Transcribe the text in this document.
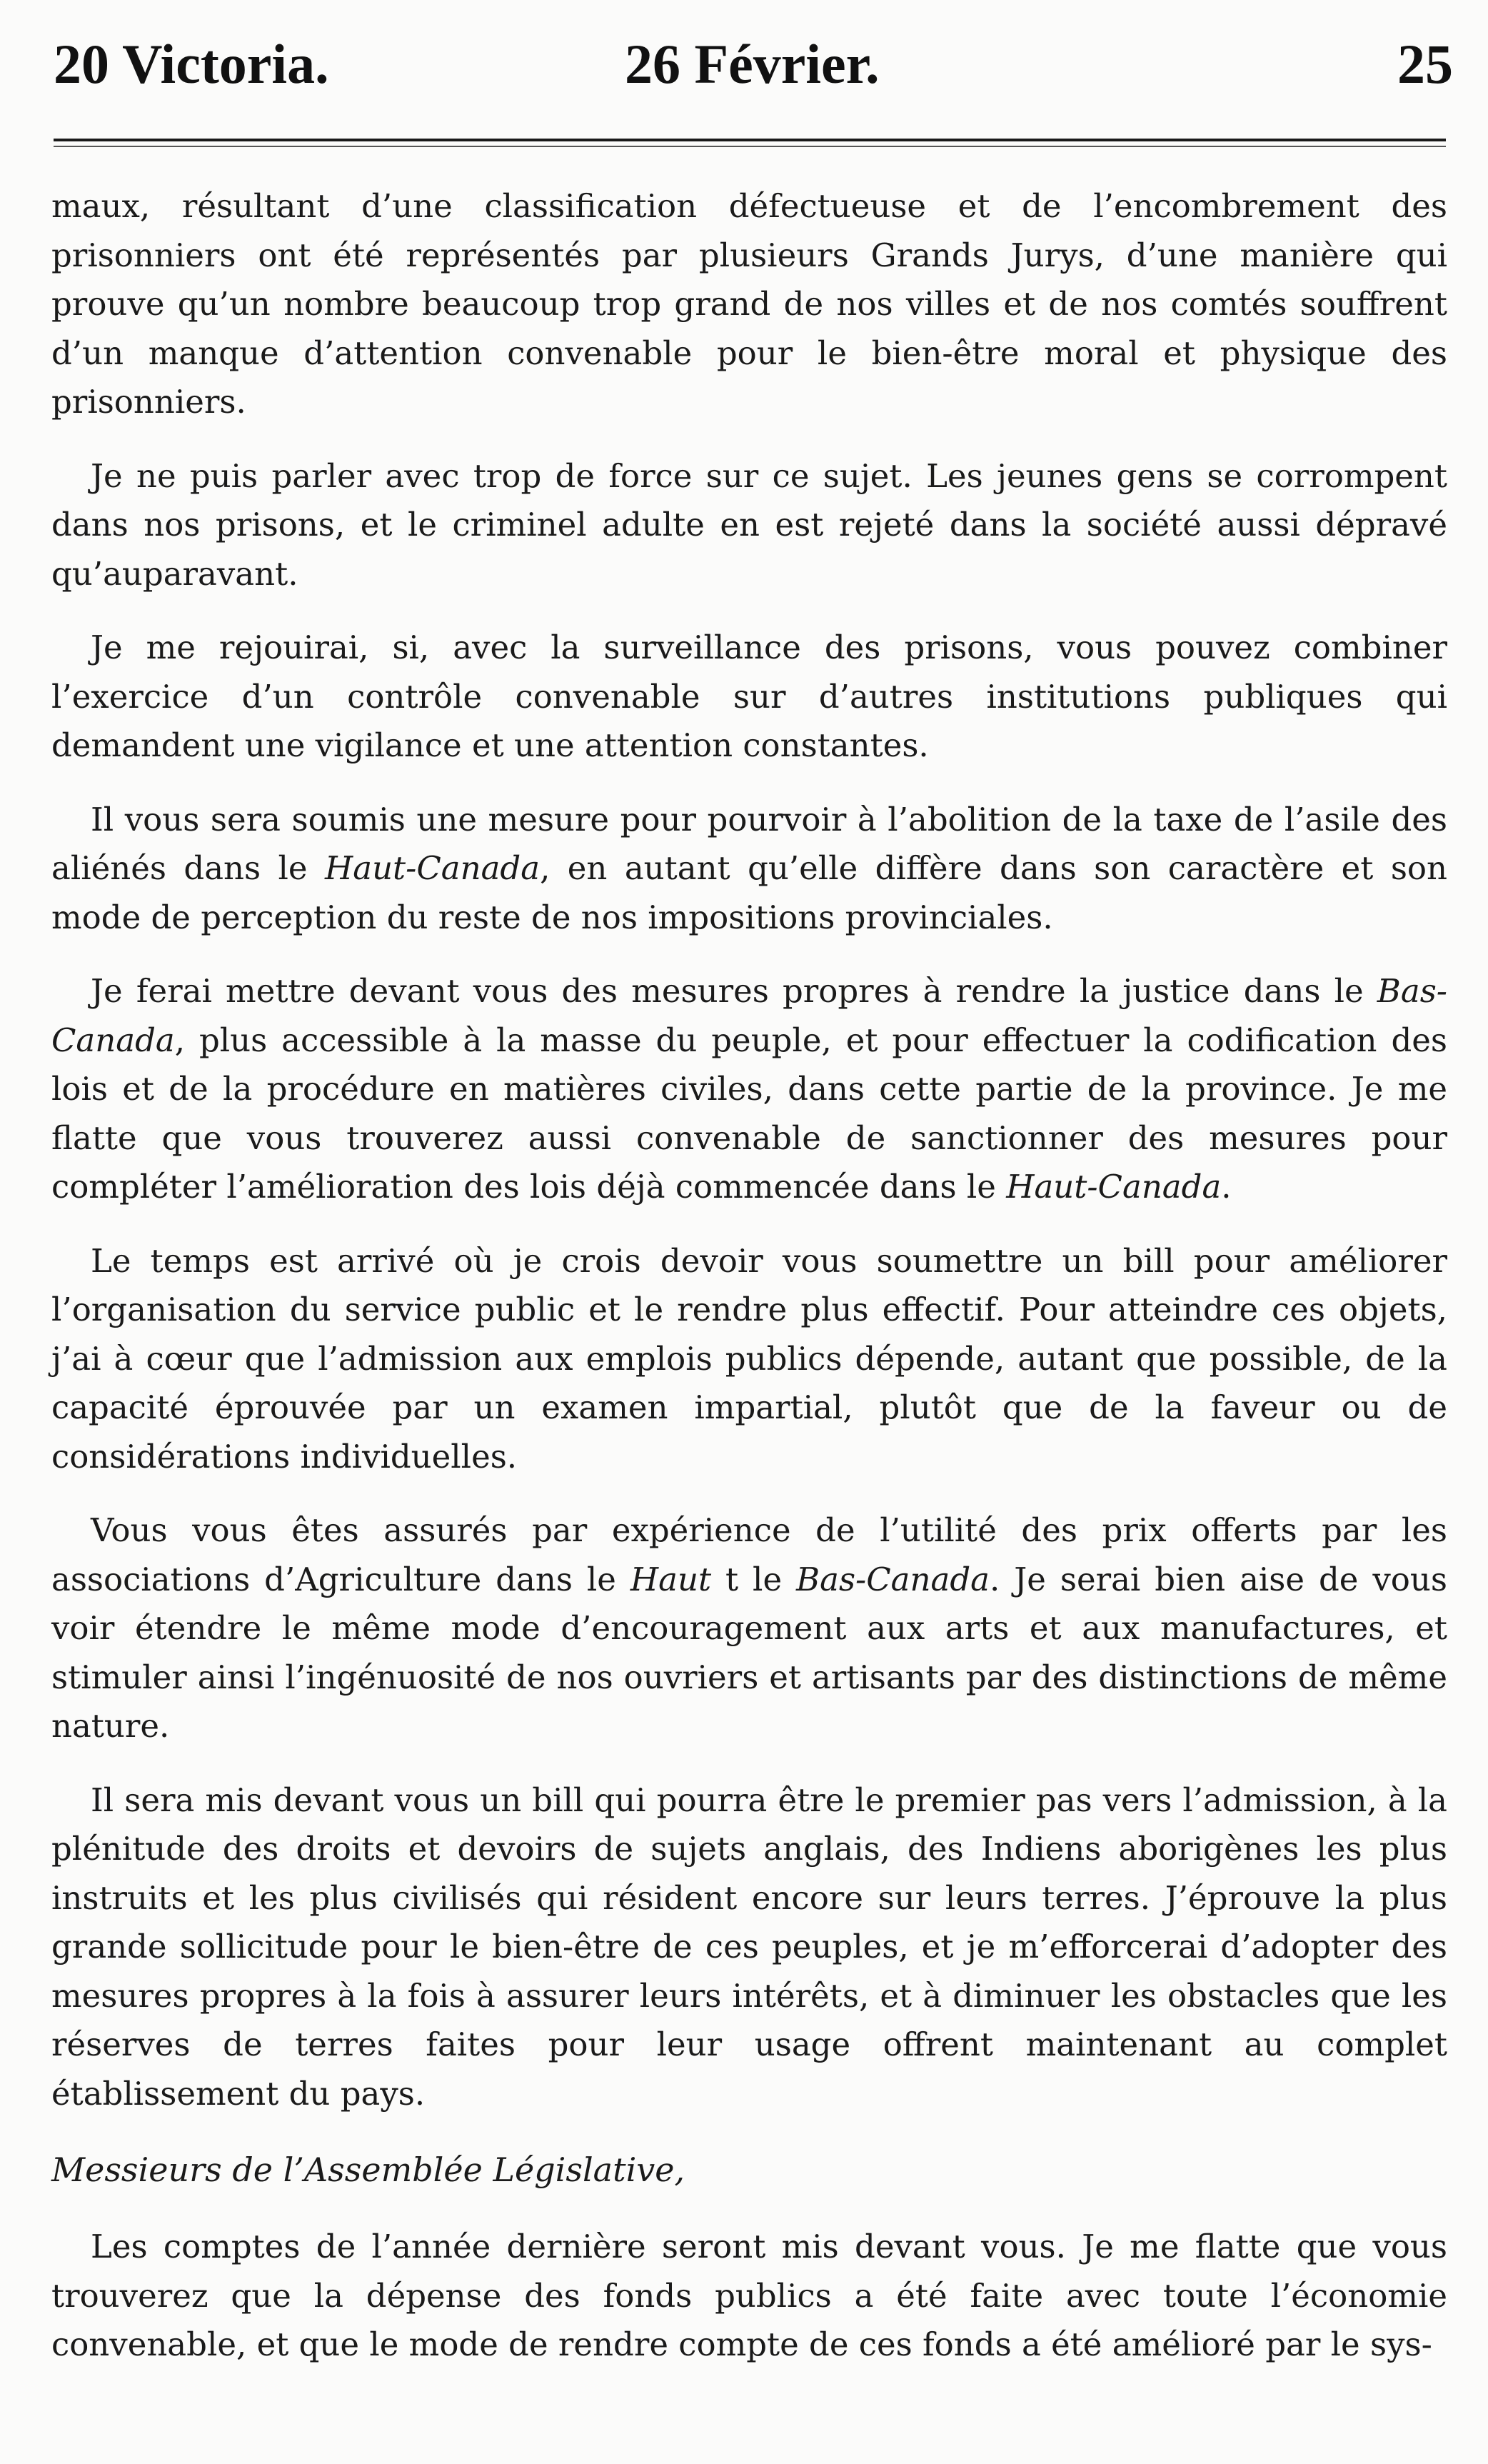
20 Victoria.	26 Février.	25

maux, résultant d’une classification défectueuse et de l’encombrement des prisonniers ont été représentés par plusieurs Grands Jurys, d’une manière qui prouve qu’un nombre beaucoup trop grand de nos villes et de nos comtés souffrent d’un manque d’attention convenable pour le bien-être moral et physique des prisonniers.

Je ne puis parler avec trop de force sur ce sujet. Les jeunes gens se corrompent dans nos prisons, et le criminel adulte en est rejeté dans la société aussi dépravé qu’auparavant.

Je me rejouirai, si, avec la surveillance des prisons, vous pouvez combiner l’exercice d’un contrôle convenable sur d’autres institutions publiques qui demandent une vigilance et une attention constantes.

Il vous sera soumis une mesure pour pourvoir à l’abolition de la taxe de l’asile des aliénés dans le Haut-Canada, en autant qu’elle diffère dans son caractère et son mode de perception du reste de nos impositions provinciales.

Je ferai mettre devant vous des mesures propres à rendre la justice dans le Bas-Canada, plus accessible à la masse du peuple, et pour effectuer la codification des lois et de la procédure en matières civiles, dans cette partie de la province. Je me flatte que vous trouverez aussi convenable de sanctionner des mesures pour compléter l’amélioration des lois déjà commencée dans le Haut-Canada.

Le temps est arrivé où je crois devoir vous soumettre un bill pour améliorer l’organisation du service public et le rendre plus effectif. Pour atteindre ces objets, j’ai à cœur que l’admission aux emplois publics dépende, autant que possible, de la capacité éprouvée par un examen impartial, plutôt que de la faveur ou de considérations individuelles.

Vous vous êtes assurés par expérience de l’utilité des prix offerts par les associations d’Agriculture dans le Haut t le Bas-Canada. Je serai bien aise de vous voir étendre le même mode d’encouragement aux arts et aux manufactures, et stimuler ainsi l’ingénuosité de nos ouvriers et artisants par des distinctions de même nature.

Il sera mis devant vous un bill qui pourra être le premier pas vers l’admission, à la plénitude des droits et devoirs de sujets anglais, des Indiens aborigènes les plus instruits et les plus civilisés qui résident encore sur leurs terres. J’éprouve la plus grande sollicitude pour le bien-être de ces peuples, et je m’efforcerai d’adopter des mesures propres à la fois à assurer leurs intérêts, et à diminuer les obstacles que les réserves de terres faites pour leur usage offrent maintenant au complet établissement du pays.

Messieurs de l’Assemblée Législative,

Les comptes de l’année dernière seront mis devant vous. Je me flatte que vous trouverez que la dépense des fonds publics a été faite avec toute l’économie convenable, et que le mode de rendre compte de ces fonds a été amélioré par le sys-
